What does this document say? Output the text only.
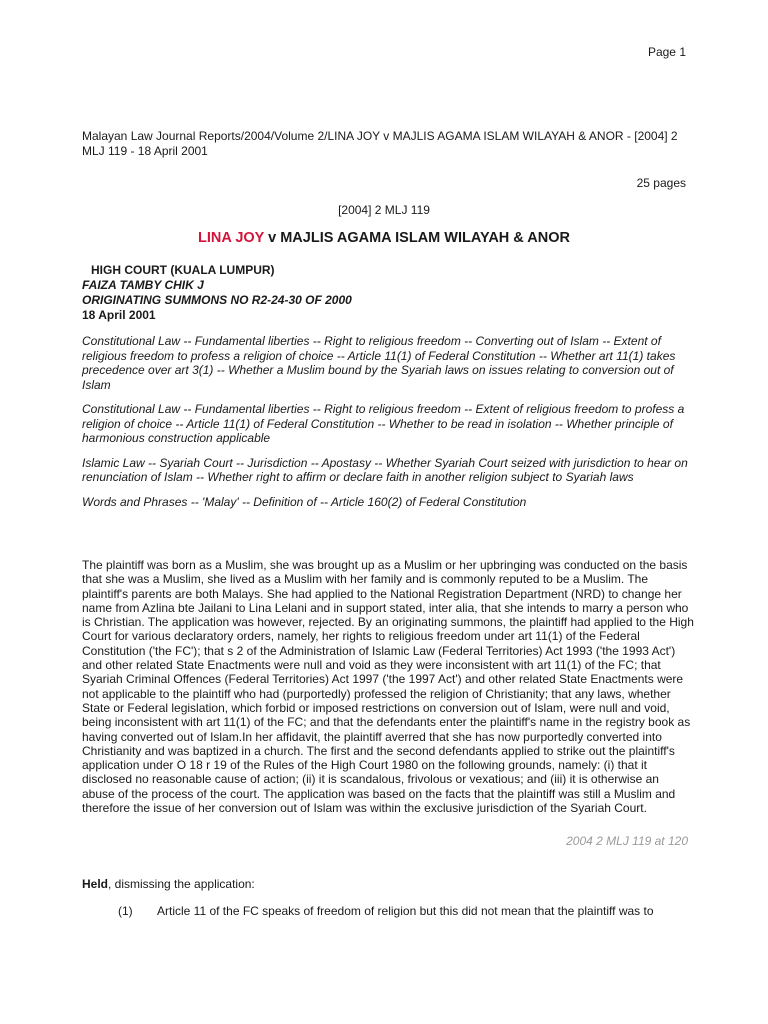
Page 1
Malayan Law Journal Reports/2004/Volume 2/LINA JOY v MAJLIS AGAMA ISLAM WILAYAH & ANOR - [2004] 2 MLJ 119 - 18 April 2001
25 pages
[2004] 2 MLJ 119
LINA JOY v MAJLIS AGAMA ISLAM WILAYAH & ANOR
HIGH COURT (KUALA LUMPUR)
FAIZA TAMBY CHIK J
ORIGINATING SUMMONS NO R2-24-30 OF 2000
18 April 2001

Constitutional Law -- Fundamental liberties -- Right to religious freedom -- Converting out of Islam -- Extent of religious freedom to profess a religion of choice -- Article 11(1) of Federal Constitution -- Whether art 11(1) takes precedence over art 3(1) -- Whether a Muslim bound by the Syariah laws on issues relating to conversion out of Islam

Constitutional Law -- Fundamental liberties -- Right to religious freedom -- Extent of religious freedom to profess a religion of choice -- Article 11(1) of Federal Constitution -- Whether to be read in isolation -- Whether principle of harmonious construction applicable

Islamic Law -- Syariah Court -- Jurisdiction -- Apostasy -- Whether Syariah Court seized with jurisdiction to hear on renunciation of Islam -- Whether right to affirm or declare faith in another religion subject to Syariah laws

Words and Phrases -- 'Malay' -- Definition of -- Article 160(2) of Federal Constitution

The plaintiff was born as a Muslim, she was brought up as a Muslim or her upbringing was conducted on the basis that she was a Muslim, she lived as a Muslim with her family and is commonly reputed to be a Muslim. The plaintiff's parents are both Malays. She had applied to the National Registration Department (NRD) to change her name from Azlina bte Jailani to Lina Lelani and in support stated, inter alia, that she intends to marry a person who is Christian. The application was however, rejected. By an originating summons, the plaintiff had applied to the High Court for various declaratory orders, namely, her rights to religious freedom under art 11(1) of the Federal Constitution ('the FC'); that s 2 of the Administration of Islamic Law (Federal Territories) Act 1993 ('the 1993 Act') and other related State Enactments were null and void as they were inconsistent with art 11(1) of the FC; that Syariah Criminal Offences (Federal Territories) Act 1997 ('the 1997 Act') and other related State Enactments were not applicable to the plaintiff who had (purportedly) professed the religion of Christianity; that any laws, whether State or Federal legislation, which forbid or imposed restrictions on conversion out of Islam, were null and void, being inconsistent with art 11(1) of the FC; and that the defendants enter the plaintiff's name in the registry book as having converted out of Islam.In her affidavit, the plaintiff averred that she has now purportedly converted into Christianity and was baptized in a church. The first and the second defendants applied to strike out the plaintiff's application under O 18 r 19 of the Rules of the High Court 1980 on the following grounds, namely: (i) that it disclosed no reasonable cause of action; (ii) it is scandalous, frivolous or vexatious; and (iii) it is otherwise an abuse of the process of the court. The application was based on the facts that the plaintiff was still a Muslim and therefore the issue of her conversion out of Islam was within the exclusive jurisdiction of the Syariah Court.
2004 2 MLJ 119 at 120
Held, dismissing the application:
(1)	Article 11 of the FC speaks of freedom of religion but this did not mean that the plaintiff was to
